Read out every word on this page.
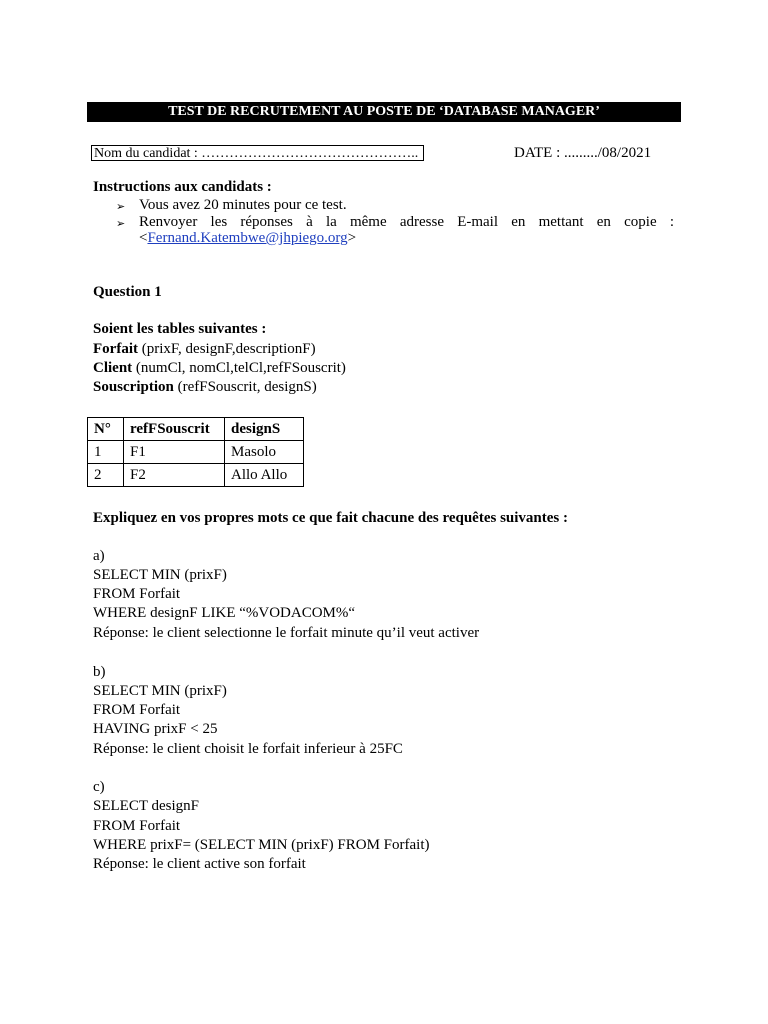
TEST DE RECRUTEMENT AU POSTE DE ‘DATABASE MANAGER’
Nom du candidat : ………………………………………..	DATE : ........./08/2021
Instructions aux candidats :
➢ Vous avez 20 minutes pour ce test.
➢ Renvoyer les réponses à la même adresse E-mail en mettant en copie :
<Fernand.Katembwe@jhpiego.org>
Question 1
Soient les tables suivantes :
Forfait (prixF, designF,descriptionF)
Client (numCl, nomCl,telCl,refFSouscrit)
Souscription (refFSouscrit, designS)
N°	refFSouscrit	designS
1	F1	Masolo
2	F2	Allo Allo
Expliquez en vos propres mots ce que fait chacune des requêtes suivantes :
a)
SELECT MIN (prixF)
FROM Forfait
WHERE designF LIKE “%VODACOM%“
Réponse: le client selectionne le forfait minute qu’il veut activer
b)
SELECT MIN (prixF)
FROM Forfait
HAVING prixF < 25
Réponse: le client choisit le forfait inferieur à 25FC
c)
SELECT designF
FROM Forfait
WHERE prixF= (SELECT MIN (prixF) FROM Forfait)
Réponse: le client active son forfait
